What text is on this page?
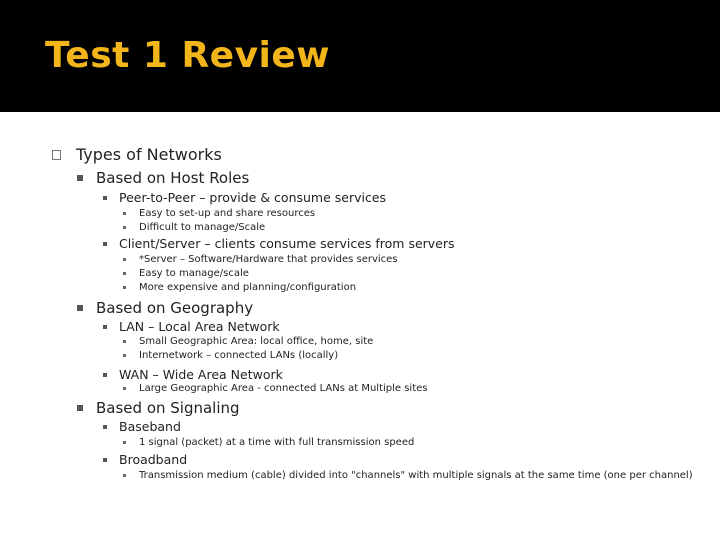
Test 1 Review
Types of Networks
Based on Host Roles
Peer-to-Peer – provide & consume services
Easy to set-up and share resources
Difficult to manage/Scale
Client/Server – clients consume services from servers
*Server – Software/Hardware that provides services
Easy to manage/scale
More expensive and planning/configuration
Based on Geography
LAN – Local Area Network
Small Geographic Area: local office, home, site
Internetwork – connected LANs (locally)
WAN – Wide Area Network
Large Geographic Area - connected LANs at Multiple sites
Based on Signaling
Baseband
1 signal (packet) at a time with full transmission speed
Broadband
Transmission medium (cable) divided into "channels" with multiple signals at the same time (one per channel)
